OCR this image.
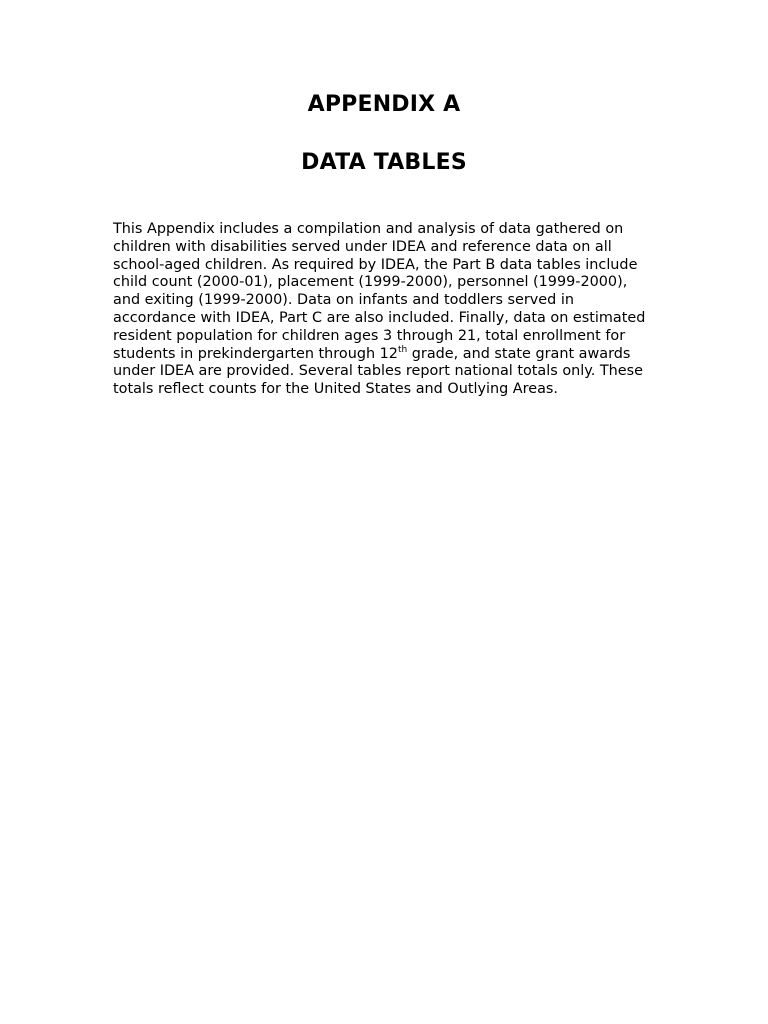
APPENDIX A
DATA TABLES

This Appendix includes a compilation and analysis of data gathered on children with disabilities served under IDEA and reference data on all school-aged children. As required by IDEA, the Part B data tables include child count (2000-01), placement (1999-2000), personnel (1999-2000), and exiting (1999-2000). Data on infants and toddlers served in accordance with IDEA, Part C are also included. Finally, data on estimated resident population for children ages 3 through 21, total enrollment for students in prekindergarten through 12th grade, and state grant awards under IDEA are provided. Several tables report national totals only. These totals reflect counts for the United States and Outlying Areas.
